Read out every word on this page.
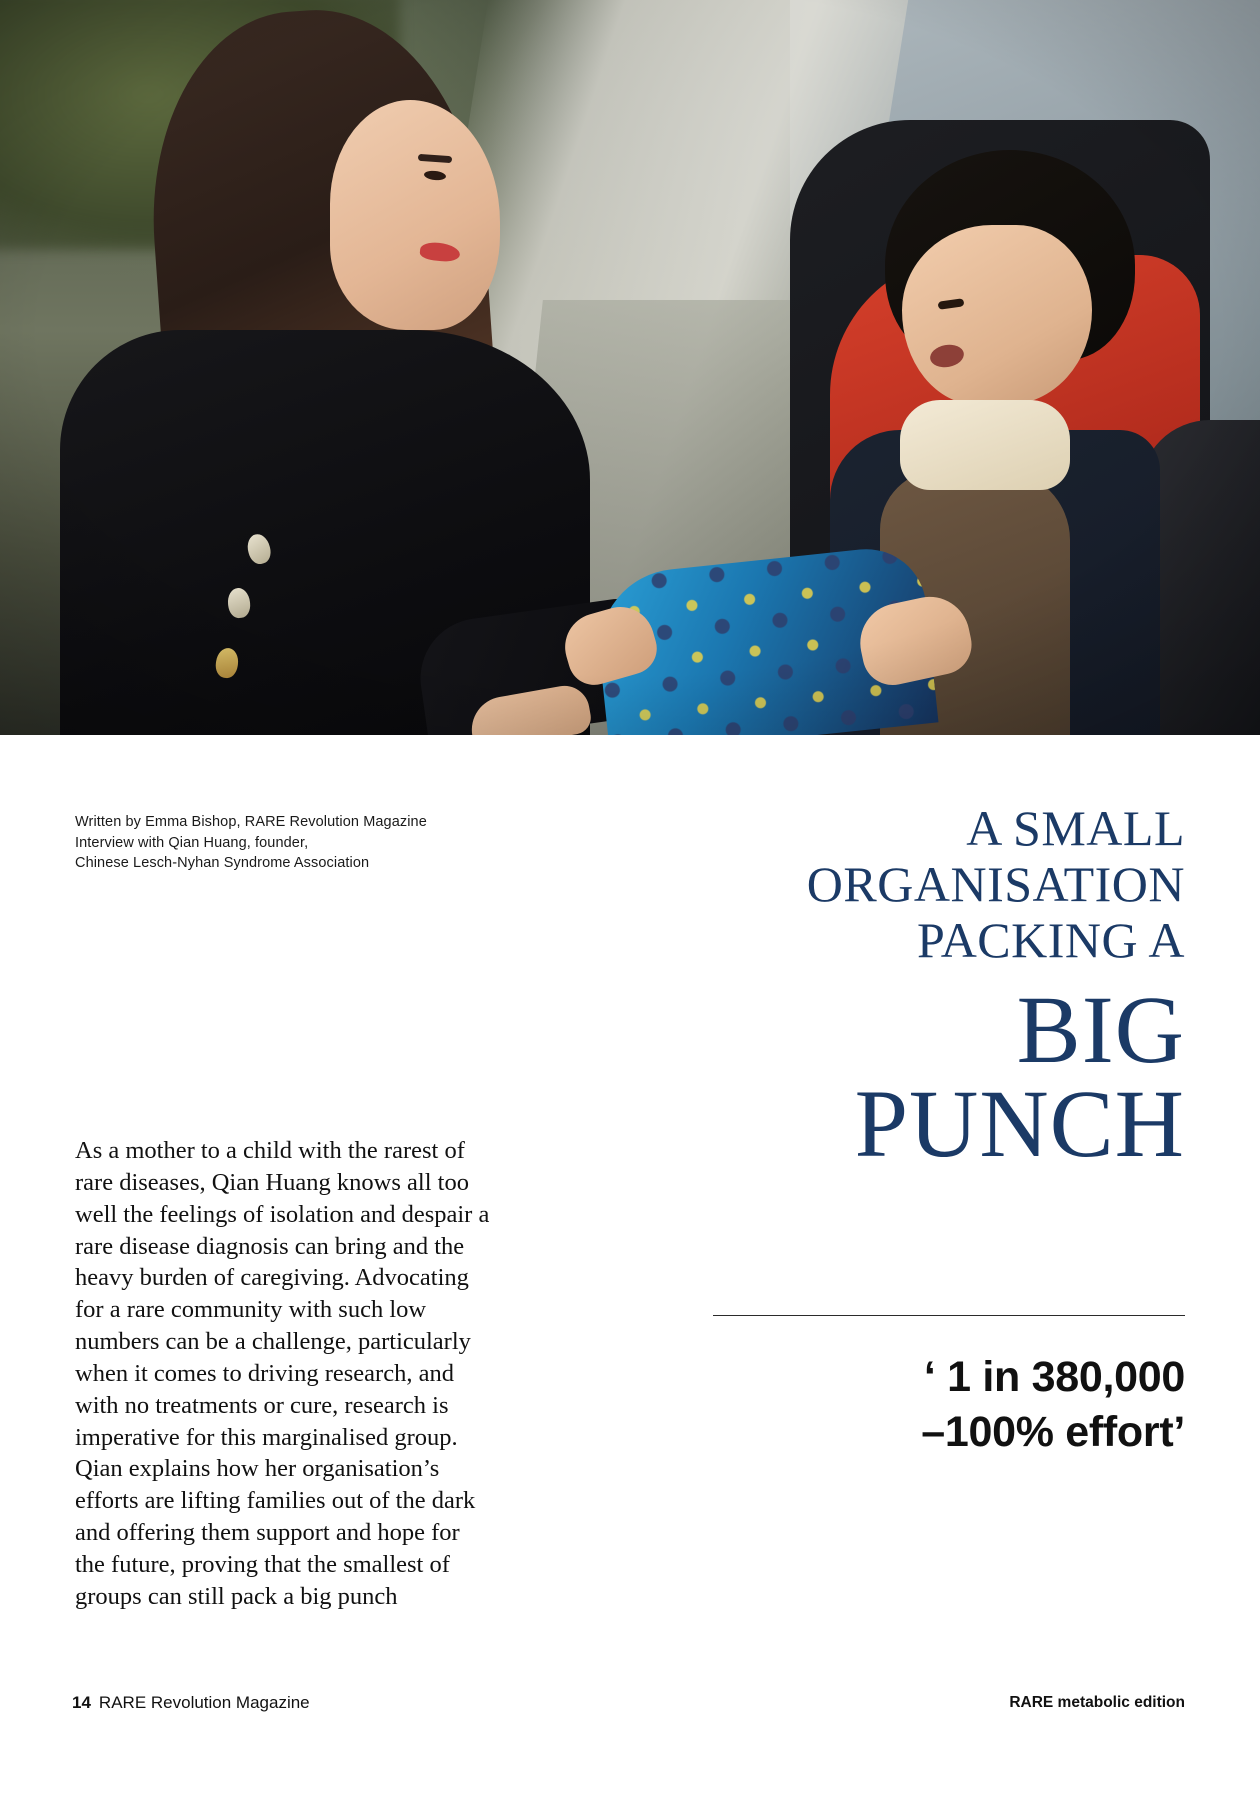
Written by Emma Bishop, RARE Revolution Magazine
Interview with Qian Huang, founder,
Chinese Lesch-Nyhan Syndrome Association
A SMALL
ORGANISATION
PACKING A
BIG
PUNCH
‘ 1 in 380,000
–100% effort’
As a mother to a child with the rarest of rare diseases, Qian Huang knows all too well the feelings of isolation and despair a rare disease diagnosis can bring and the heavy burden of caregiving. Advocating for a rare community with such low numbers can be a challenge, particularly when it comes to driving research, and with no treatments or cure, research is imperative for this marginalised group. Qian explains how her organisation’s efforts are lifting families out of the dark and offering them support and hope for the future, proving that the smallest of groups can still pack a big punch
14 RARE Revolution Magazine	RARE metabolic edition
